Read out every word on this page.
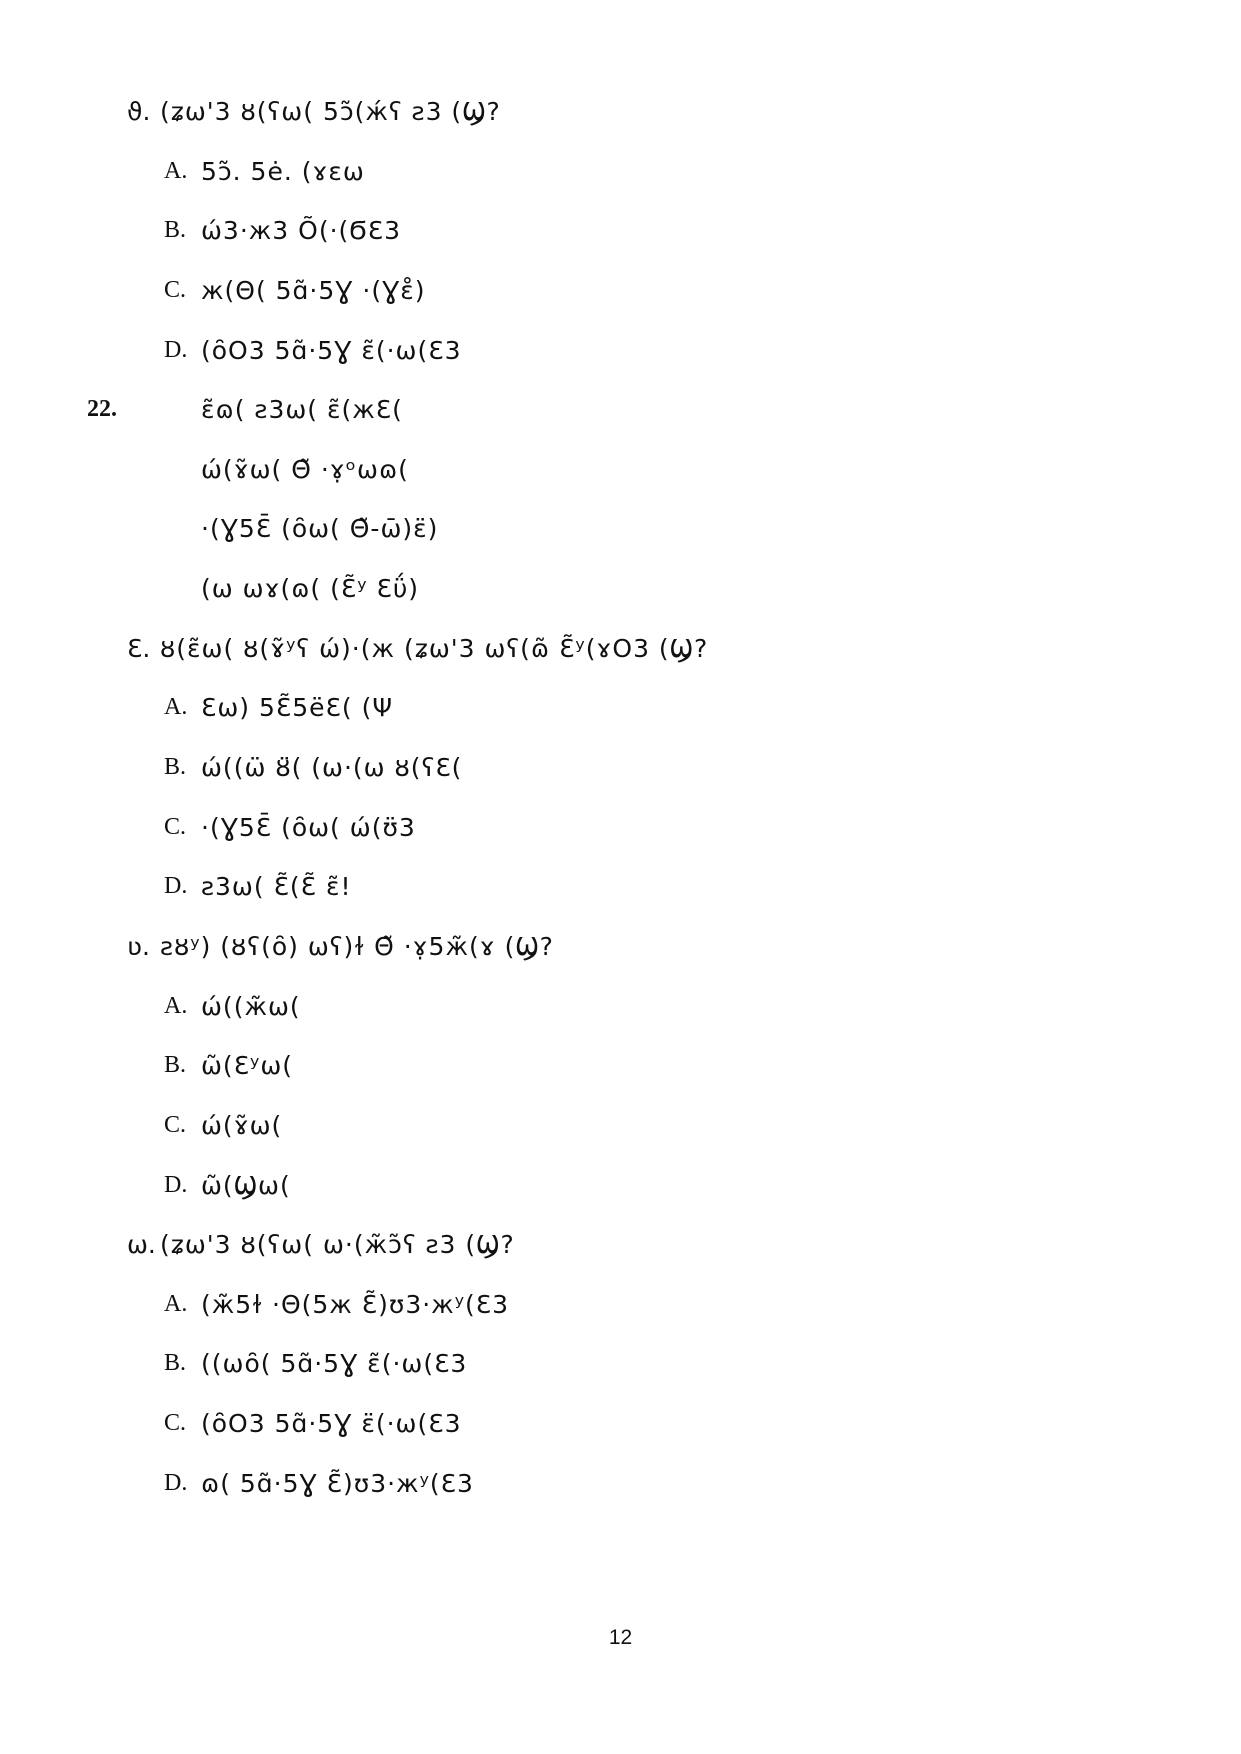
ϑ. (ʑω'3 ȣ(ʕω( 5ɔ̃(ж́ʕ ƨ3 (Ϣ?
A. 5ɔ̃. 5ė. (ɤɛω
B. ώ3·ж3 Õ(·(ϬƐ3
C. ж(Θ( 5ɑ̃·5Ɣ ·(Ɣɛ̊)
D. (ȏO3 5ɑ̃·5Ɣ ɛ̃(·ω(Ɛ3
22.	ɛ̃ɷ( ƨ3ω( ɛ̃(жƐ(
ώ(ɤ̃ω( Θ̃ ·ɤ̣ᵒωɷ(
·(Ɣ5Ɛ̄ (ȏω( Θ̃-ω̄)ɛ̈)
(ω ωɤ(ɷ( (Ɛ̃ʸ Ɛΰ)
Ɛ. ȣ(ɛ̃ω( ȣ(ɤ̃ʸʕ ώ)·(ж (ʑω'3 ωʕ(ɷ̃ Ɛ̃ʸ(ɤO3 (Ϣ?
A. Ɛω) 5Ɛ̃5ëƐ( (Ψ
B. ώ((ω̈ ȣ̈( (ω·(ω ȣ(ʕƐ(
C. ·(Ɣ5Ɛ̄ (ȏω( ώ(ʊ̈3
D. ƨ3ω( Ɛ̃(Ɛ̃ ɛ̃!
ʋ. ƨȣʸ) (ȣʕ(ȏ) ωʕ)ɫ Θ̃ ·ɤ̣5ж̃(ɤ (Ϣ?
A. ώ((ж̃ω(
B. ω̃(Ɛʸω(
C. ώ(ɤ̃ω(
D. ω̃(Ϣω(
ω. (ʑω'3 ȣ(ʕω( ω·(ж̃ɔ̃ʕ ƨ3 (Ϣ?
A. (ж̃5ɫ ·Θ(5ж Ɛ̃)ʊ3·жʸ(Ɛ3
B. ((ωȏ( 5ɑ̃·5Ɣ ɛ̃(·ω(Ɛ3
C. (ȏO3 5ɑ̃·5Ɣ ɛ̈(·ω(Ɛ3
D. ɷ( 5ɑ̃·5Ɣ Ɛ̃)ʊ3·жʸ(Ɛ3
12
